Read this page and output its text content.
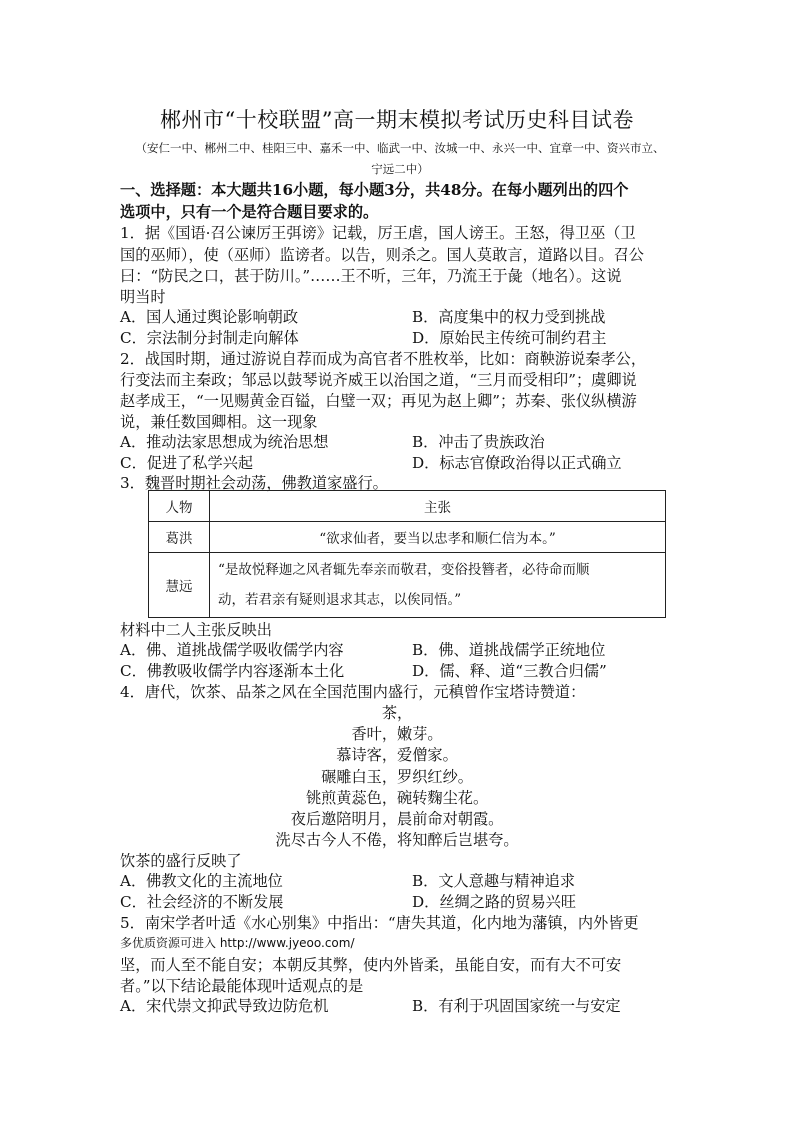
郴州市“十校联盟”高一期末模拟考试历史科目试卷
（安仁一中、郴州二中、桂阳三中、嘉禾一中、临武一中、汝城一中、永兴一中、宜章一中、资兴市立、
宁远二中）
一、选择题：本大题共16小题，每小题3分，共48分。在每小题列出的四个
选项中，只有一个是符合题目要求的。
1．据《国语·召公谏厉王弭谤》记载，厉王虐，国人谤王。王怒，得卫巫（卫
国的巫师），使（巫师）监谤者。以告，则杀之。国人莫敢言，道路以目。召公
曰：“防民之口，甚于防川。”……王不听，三年，乃流王于彘（地名）。这说
明当时
A．国人通过舆论影响朝政	B．高度集中的权力受到挑战
C．宗法制分封制走向解体	D．原始民主传统可制约君主
2．战国时期，通过游说自荐而成为高官者不胜枚举，比如：商鞅游说秦孝公，
行变法而主秦政；邹忌以鼓琴说齐威王以治国之道，“三月而受相印”；虞卿说
赵孝成王，“一见赐黄金百镒，白璧一双；再见为赵上卿”；苏秦、张仪纵横游
说，兼任数国卿相。这一现象
A．推动法家思想成为统治思想	B．冲击了贵族政治
C．促进了私学兴起	D．标志官僚政治得以正式确立
3．魏晋时期社会动荡，佛教道家盛行。
人物	主张
葛洪	“欲求仙者，要当以忠孝和顺仁信为本。”
慧远	“是故悦释迦之风者辄先奉亲而敬君，变俗投簪者，必待命而顺
动，若君亲有疑则退求其志，以俟同悟。”
材料中二人主张反映出
A．佛、道挑战儒学吸收儒学内容	B．佛、道挑战儒学正统地位
C．佛教吸收儒学内容逐渐本土化	D．儒、释、道“三教合归儒”
4．唐代，饮茶、品茶之风在全国范围内盛行，元稹曾作宝塔诗赞道：
茶，
香叶，嫩芽。
慕诗客，爱僧家。
碾雕白玉，罗织红纱。
铫煎黄蕊色，碗转麴尘花。
夜后邀陪明月，晨前命对朝霞。
洗尽古今人不倦，将知醉后岂堪夸。
饮茶的盛行反映了
A．佛教文化的主流地位	B．文人意趣与精神追求
C．社会经济的不断发展	D．丝绸之路的贸易兴旺
5．南宋学者叶适《水心别集》中指出：“唐失其道，化内地为藩镇，内外皆更
多优质资源可进入 http://www.jyeoo.com/
坚，而人至不能自安；本朝反其弊，使内外皆柔，虽能自安，而有大不可安
者。”以下结论最能体现叶适观点的是
A．宋代崇文抑武导致边防危机	B．有利于巩固国家统一与安定
